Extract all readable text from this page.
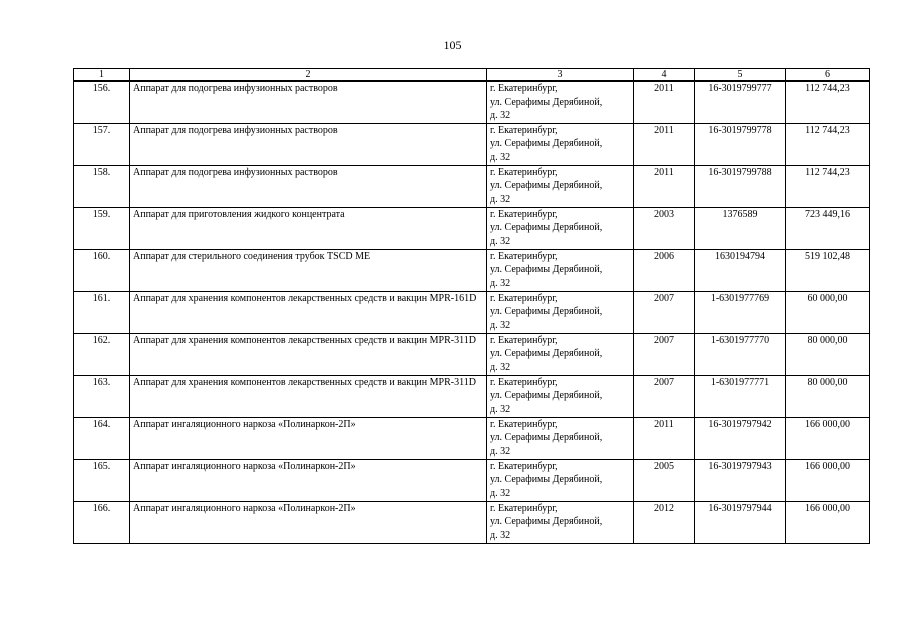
105
1	2	3	4	5	6
156.	Аппарат для подогрева инфузионных растворов	г. Екатеринбург,
ул. Серафимы Дерябиной,
д. 32	2011	16-3019799777	112 744,23
157.	Аппарат для подогрева инфузионных растворов	г. Екатеринбург,
ул. Серафимы Дерябиной,
д. 32	2011	16-3019799778	112 744,23
158.	Аппарат для подогрева инфузионных растворов	г. Екатеринбург,
ул. Серафимы Дерябиной,
д. 32	2011	16-3019799788	112 744,23
159.	Аппарат для приготовления жидкого концентрата	г. Екатеринбург,
ул. Серафимы Дерябиной,
д. 32	2003	1376589	723 449,16
160.	Аппарат для стерильного соединения трубок TSCD ME	г. Екатеринбург,
ул. Серафимы Дерябиной,
д. 32	2006	1630194794	519 102,48
161.	Аппарат для хранения компонентов лекарственных средств и вакцин MPR-161D	г. Екатеринбург,
ул. Серафимы Дерябиной,
д. 32	2007	1-6301977769	60 000,00
162.	Аппарат для хранения компонентов лекарственных средств и вакцин MPR-311D	г. Екатеринбург,
ул. Серафимы Дерябиной,
д. 32	2007	1-6301977770	80 000,00
163.	Аппарат для хранения компонентов лекарственных средств и вакцин MPR-311D	г. Екатеринбург,
ул. Серафимы Дерябиной,
д. 32	2007	1-6301977771	80 000,00
164.	Аппарат ингаляционного наркоза «Полинаркон-2П»	г. Екатеринбург,
ул. Серафимы Дерябиной,
д. 32	2011	16-3019797942	166 000,00
165.	Аппарат ингаляционного наркоза «Полинаркон-2П»	г. Екатеринбург,
ул. Серафимы Дерябиной,
д. 32	2005	16-3019797943	166 000,00
166.	Аппарат ингаляционного наркоза «Полинаркон-2П»	г. Екатеринбург,
ул. Серафимы Дерябиной,
д. 32	2012	16-3019797944	166 000,00
